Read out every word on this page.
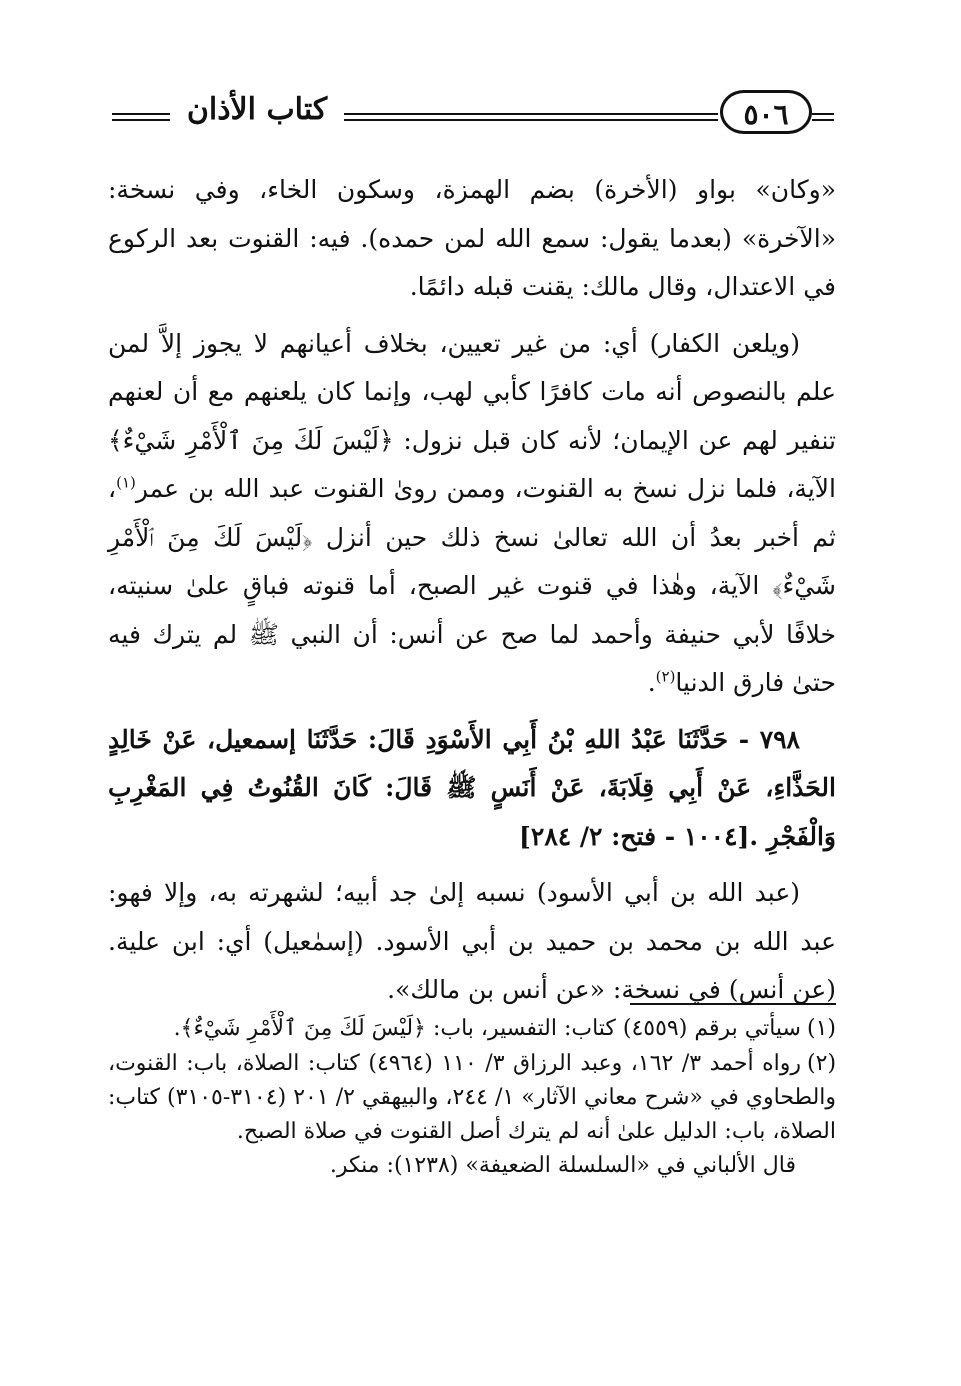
كتاب الأذان	٥٠٦

«وكان» بواو (الأخرة) بضم الهمزة، وسكون الخاء، وفي نسخة: «الآخرة» (بعدما يقول: سمع الله لمن حمده). فيه: القنوت بعد الركوع في الاعتدال، وقال مالك: يقنت قبله دائمًا.

(ويلعن الكفار) أي: من غير تعيين، بخلاف أعيانهم لا يجوز إلاَّ لمن علم بالنصوص أنه مات كافرًا كأبي لهب، وإنما كان يلعنهم مع أن لعنهم تنفير لهم عن الإيمان؛ لأنه كان قبل نزول: ﴿لَيْسَ لَكَ مِنَ ٱلْأَمْرِ شَيْءٌ﴾ الآية، فلما نزل نسخ به القنوت، وممن روىٰ القنوت عبد الله بن عمر$^{(١)}$، ثم أخبر بعدُ أن الله تعالىٰ نسخ ذلك حين أنزل ﴿لَيْسَ لَكَ مِنَ ٱلْأَمْرِ شَيْءٌ﴾ الآية، وهٰذا في قنوت غير الصبح، أما قنوته فباقٍ علىٰ سنيته، خلافًا لأبي حنيفة وأحمد لما صح عن أنس: أن النبي ﷺ لم يترك فيه حتىٰ فارق الدنيا$^{(٢)}$.

٧٩٨ - حَدَّثَنَا عَبْدُ اللهِ بْنُ أَبِي الأَسْوَدِ قَالَ: حَدَّثَنَا إسمعيل، عَنْ خَالِدٍ الحَذَّاءِ، عَنْ أَبِي قِلَابَةَ، عَنْ أَنَسٍ ﷺ قَالَ: كَانَ القُنُوتُ فِي المَغْرِبِ وَالْفَجْرِ .[١٠٠٤ - فتح: ٢/ ٢٨٤]

(عبد الله بن أبي الأسود) نسبه إلىٰ جد أبيه؛ لشهرته به، وإلا فهو: عبد الله بن محمد بن حميد بن أبي الأسود. (إسمٰعيل) أي: ابن علية. (عن أنس) في نسخة: «عن أنس بن مالك».

(١)سيأتي برقم (٤٥٥٩) كتاب: التفسير، باب: ﴿لَيْسَ لَكَ مِنَ ٱلْأَمْرِ شَيْءٌ﴾.
(٢)رواه أحمد ٣/ ١٦٢، وعبد الرزاق ٣/ ١١٠ (٤٩٦٤) كتاب: الصلاة، باب: القنوت، والطحاوي في «شرح معاني الآثار» ١/ ٢٤٤، والبيهقي ٢/ ٢٠١ (٣١٠٤-٣١٠٥) كتاب: الصلاة، باب: الدليل علىٰ أنه لم يترك أصل القنوت في صلاة الصبح.
قال الألباني في «السلسلة الضعيفة» (١٢٣٨): منكر.
